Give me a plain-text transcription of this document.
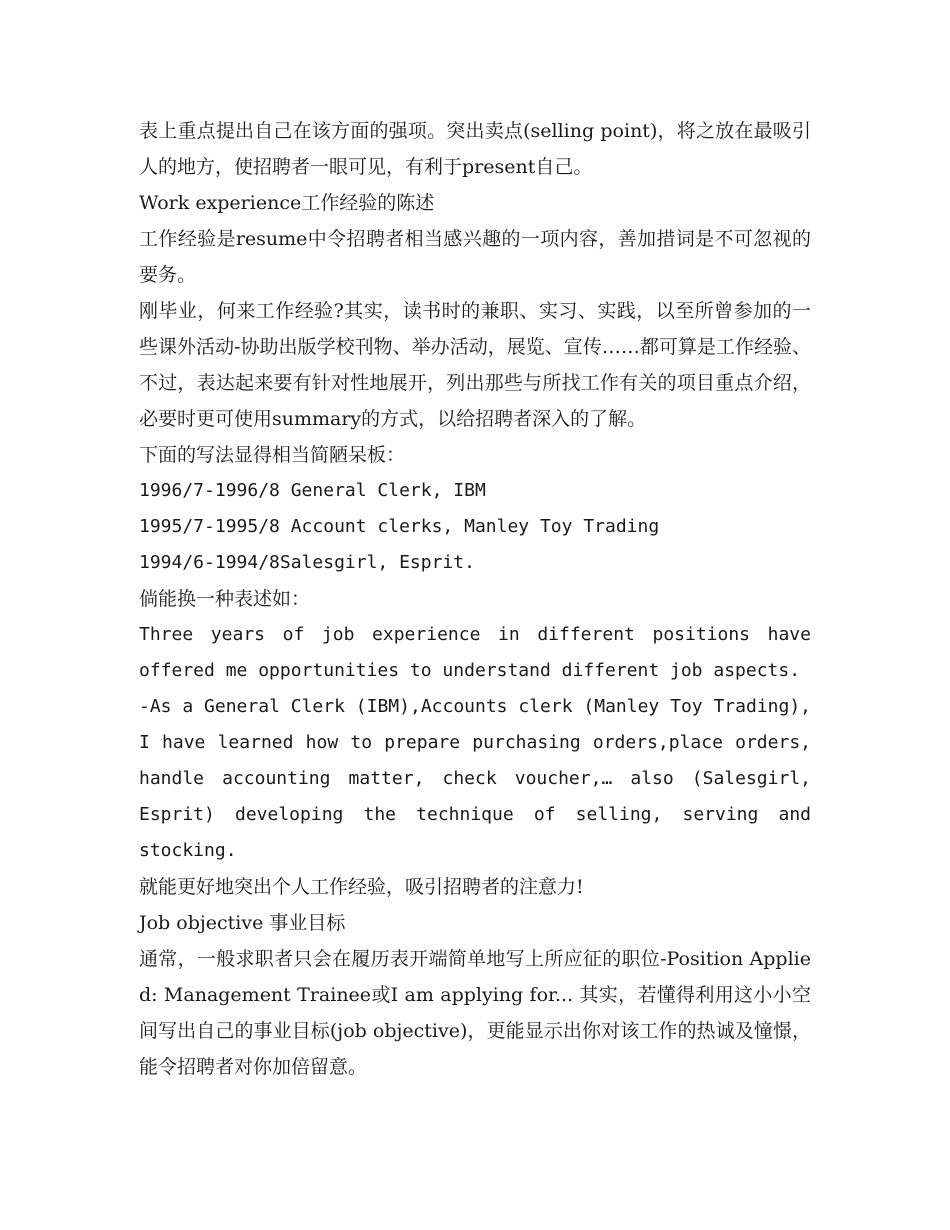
表上重点提出自己在该方面的强项。突出卖点(selling point)，将之放在最吸引人的地方，使招聘者一眼可见，有利于present自己。

Work experience工作经验的陈述

工作经验是resume中令招聘者相当感兴趣的一项内容，善加措词是不可忽视的要务。

刚毕业，何来工作经验?其实，读书时的兼职、实习、实践，以至所曾参加的一些课外活动-协助出版学校刊物、举办活动，展览、宣传……都可算是工作经验、不过，表达起来要有针对性地展开，列出那些与所找工作有关的项目重点介绍，必要时更可使用summary的方式，以给招聘者深入的了解。

下面的写法显得相当简陋呆板：

1996/7-1996/8 General Clerk, IBM

1995/7-1995/8 Account clerks, Manley Toy Trading

1994/6-1994/8Salesgirl, Esprit.

倘能换一种表述如：

Three years of job experience in different positions have offered me opportunities to understand different job aspects.

-As a General Clerk (IBM),Accounts clerk (Manley Toy Trading), I have learned how to prepare purchasing orders,place orders, handle accounting matter, check voucher,… also (Salesgirl, Esprit) developing the technique of selling, serving and stocking.

就能更好地突出个人工作经验，吸引招聘者的注意力!

Job objective 事业目标

通常，一般求职者只会在履历表开端简单地写上所应征的职位-Position Applied: Management Trainee或I am applying for... 其实，若懂得利用这小小空间写出自己的事业目标(job objective)，更能显示出你对该工作的热诚及憧憬，能令招聘者对你加倍留意。
